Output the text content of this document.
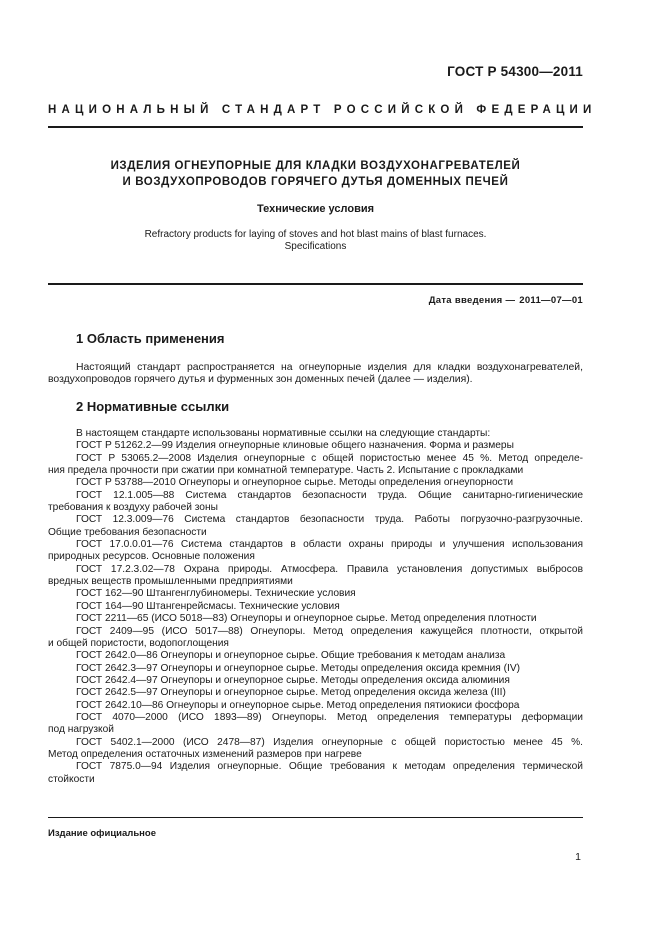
ГОСТ Р 54300—2011
НАЦИОНАЛЬНЫЙ СТАНДАРТ РОССИЙСКОЙ ФЕДЕРАЦИИ
ИЗДЕЛИЯ ОГНЕУПОРНЫЕ ДЛЯ КЛАДКИ ВОЗДУХОНАГРЕВАТЕЛЕЙ
И ВОЗДУХОПРОВОДОВ ГОРЯЧЕГО ДУТЬЯ ДОМЕННЫХ ПЕЧЕЙ
Технические условия
Refractory products for laying of stoves and hot blast mains of blast furnaces.
Specifications
Дата введения — 2011—07—01
1 Область применения
Настоящий стандарт распространяется на огнеупорные изделия для кладки воздухонагревателей,
воздухопроводов горячего дутья и фурменных зон доменных печей (далее — изделия).
2 Нормативные ссылки
В настоящем стандарте использованы нормативные ссылки на следующие стандарты:
ГОСТ Р 51262.2—99 Изделия огнеупорные клиновые общего назначения. Форма и размеры
ГОСТ Р 53065.2—2008 Изделия огнеупорные с общей пористостью менее 45 %. Метод определе-
ния предела прочности при сжатии при комнатной температуре. Часть 2. Испытание с прокладками
ГОСТ Р 53788—2010 Огнеупоры и огнеупорное сырье. Методы определения огнеупорности
ГОСТ 12.1.005—88 Система стандартов безопасности труда. Общие санитарно-гигиенические
требования к воздуху рабочей зоны
ГОСТ 12.3.009—76 Система стандартов безопасности труда. Работы погрузочно-разгрузочные.
Общие требования безопасности
ГОСТ 17.0.0.01—76 Система стандартов в области охраны природы и улучшения использования
природных ресурсов. Основные положения
ГОСТ 17.2.3.02—78 Охрана природы. Атмосфера. Правила установления допустимых выбросов
вредных веществ промышленными предприятиями
ГОСТ 162—90 Штангенглубиномеры. Технические условия
ГОСТ 164—90 Штангенрейсмасы. Технические условия
ГОСТ 2211—65 (ИСО 5018—83) Огнеупоры и огнеупорное сырье. Метод определения плотности
ГОСТ 2409—95 (ИСО 5017—88) Огнеупоры. Метод определения кажущейся плотности, открытой
и общей пористости, водопоглощения
ГОСТ 2642.0—86 Огнеупоры и огнеупорное сырье. Общие требования к методам анализа
ГОСТ 2642.3—97 Огнеупоры и огнеупорное сырье. Методы определения оксида кремния (IV)
ГОСТ 2642.4—97 Огнеупоры и огнеупорное сырье. Методы определения оксида алюминия
ГОСТ 2642.5—97 Огнеупоры и огнеупорное сырье. Метод определения оксида железа (III)
ГОСТ 2642.10—86 Огнеупоры и огнеупорное сырье. Метод определения пятиокиси фосфора
ГОСТ 4070—2000 (ИСО 1893—89) Огнеупоры. Метод определения температуры деформации
под нагрузкой
ГОСТ 5402.1—2000 (ИСО 2478—87) Изделия огнеупорные с общей пористостью менее 45 %.
Метод определения остаточных изменений размеров при нагреве
ГОСТ 7875.0—94 Изделия огнеупорные. Общие требования к методам определения термической
стойкости
Издание официальное
1
